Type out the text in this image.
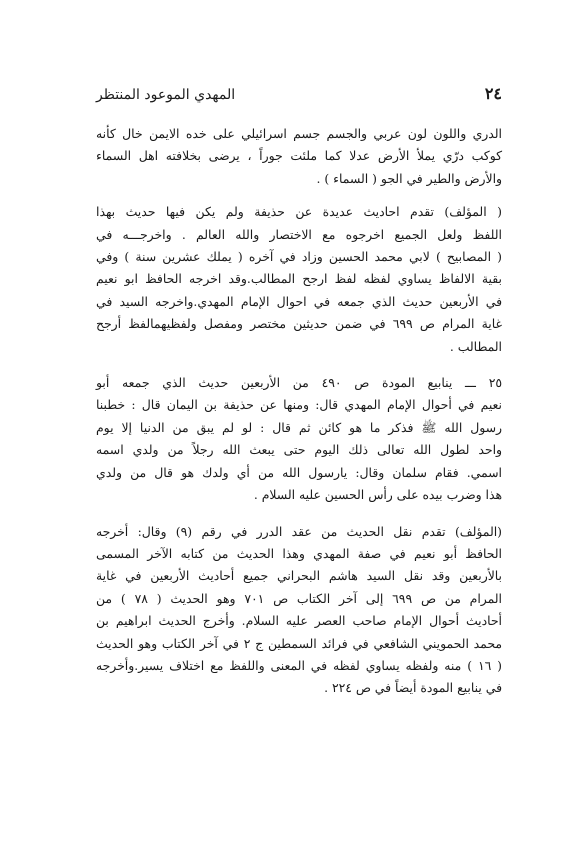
٢٤
المهدي الموعود المنتظر

الدري واللون لون عربي والجسم جسم اسرائيلي على خده الايمن خال كأنه
كوكب درّي يملأ الأرض عدلا كما ملئت جوراً ، يرضى بخلافته اهل السماء
والأرض والطير في الجو ( السماء ) .

( المؤلف) تقدم احاديث عديدة عن حذيفة ولم يكن فيها حديث بهذا
اللفظ ولعل الجميع اخرجوه مع الاختصار والله العالم . واخرجـــه في
( المصابيح ) لابي محمد الحسين وزاد في آخره ( يملك عشرين سنة ) وفي
بقية الالفاظ يساوي لفظه لفظ ارجح المطالب.وقد اخرجه الحافظ ابو نعيم
في الأربعين حديث الذي جمعه في احوال الإمام المهدي.واخرجه السيد في
غاية المرام ص ٦٩٩ في ضمن حديثين مختصر ومفصل ولفظيهمالفظ أرجح
المطالب .

٢٥ ـــ ينابيع المودة ص ٤٩٠ من الأربعين حديث الذي جمعه أبو
نعيم في أحوال الإمام المهدي قال: ومنها عن حذيفة بن اليمان قال : خطبنا
رسول الله ﷺ فذكر ما هو كائن ثم قال : لو لم يبق من الدنيا إلا يوم
واحد لطول الله تعالى ذلك اليوم حتى يبعث الله رجلاً من ولدي اسمه
اسمي. فقام سلمان وقال: يارسول الله من أي ولدك هو قال من ولدي
هذا وضرب بيده على رأس الحسين عليه السلام .

(المؤلف) تقدم نقل الحديث من عقد الدرر في رقم (٩) وقال: أخرجه
الحافظ أبو نعيم في صفة المهدي وهذا الحديث من كتابه الآخر المسمى
بالأربعين وقد نقل السيد هاشم البحراني جميع أحاديث الأربعين في غاية
المرام من ص ٦٩٩ إلى آخر الكتاب ص ٧٠١ وهو الحديث ( ٧٨ ) من
أحاديث أحوال الإمام صاحب العصر عليه السلام. وأخرج الحديث ابراهيم بن
محمد الحمويني الشافعي في فرائد السمطين ج ٢ في آخر الكتاب وهو الحديث
( ١٦ ) منه ولفظه يساوي لفظه في المعنى واللفظ مع اختلاف يسير.وأخرجه
في ينابيع المودة أيضاً في ص ٢٢٤ .
